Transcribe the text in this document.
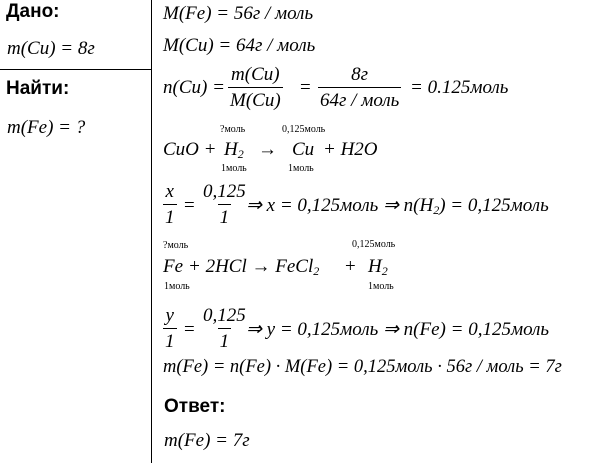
Дано:
m(Cu) = 8г
Найти:
m(Fe) = ?
M(Fe) = 56г / моль
M(Cu) = 64г / моль
$n(Cu) = \frac{m(Cu)}{M(Cu)}$ =
8г
64г / моль
= 0.125моль
?моль	0,125моль
CuO + $H_2 \to Cu + H2O$
1моль	1моль
$\frac{x}{1} = \frac{0,125}{1}$
⇒ x = 0,125моль ⇒ $n(H_2)$ = 0,125моль
?моль	0,125моль
Fe + 2HCl → FeCl$_2$ + $H_2$
1моль	1моль
$\frac{y}{1} = \frac{0,125}{1}$
⇒ y = 0,125моль ⇒ n(Fe) = 0,125моль
m(Fe) = n(Fe) · M(Fe) = 0,125моль · 56г / моль = 7г
Ответ:
m(Fe) = 7г
